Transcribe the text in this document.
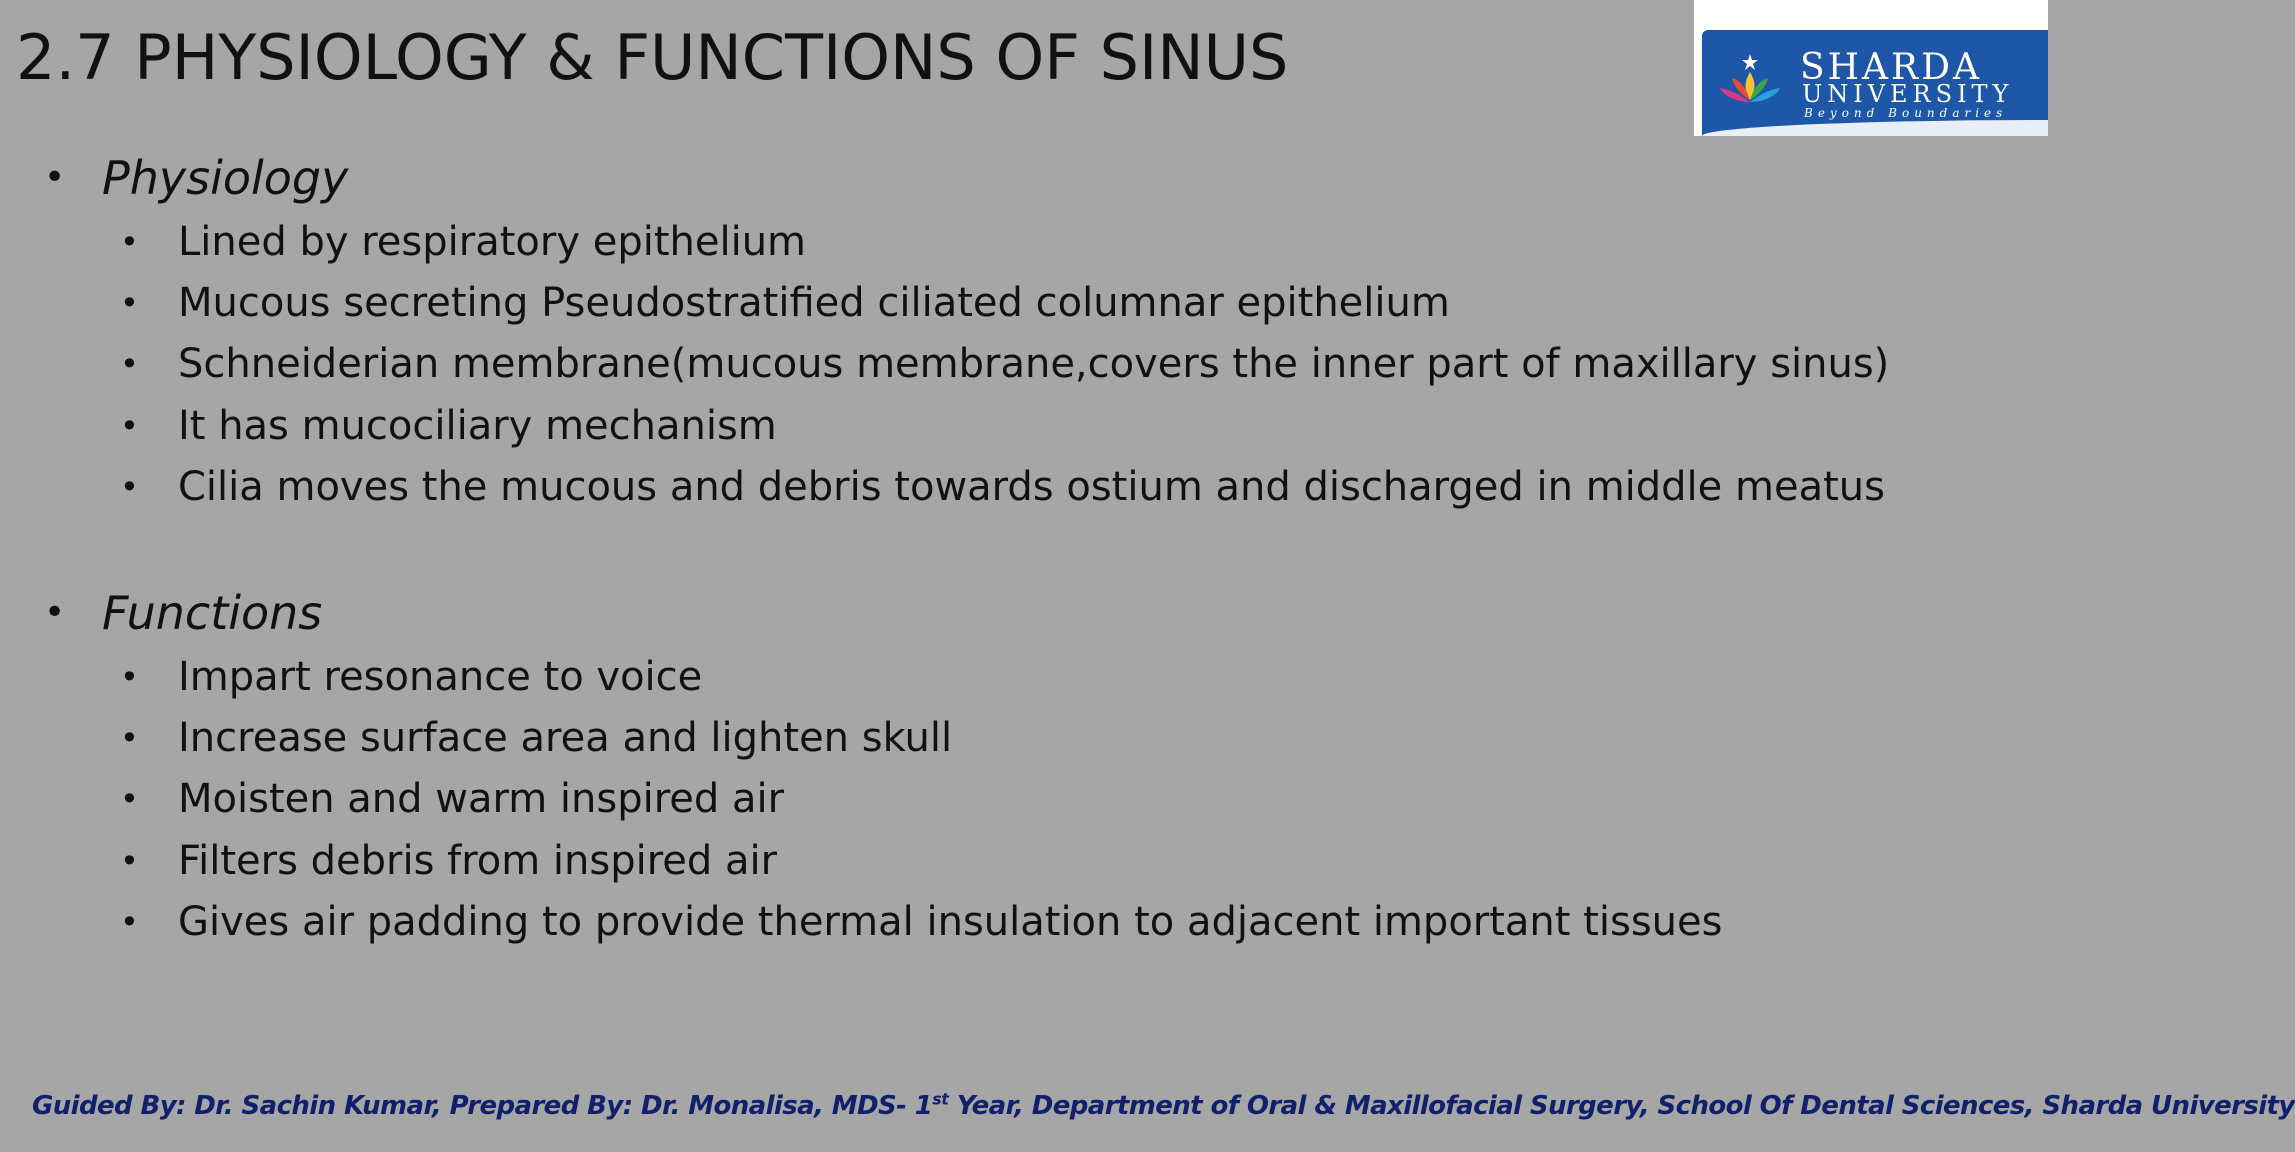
2.7 PHYSIOLOGY & FUNCTIONS OF SINUS	SHARDA
UNIVERSITY
Beyond Boundaries
• Physiology
• Lined by respiratory epithelium
• Mucous secreting Pseudostratified ciliated columnar epithelium
• Schneiderian membrane(mucous membrane,covers the inner part of maxillary sinus)
• It has mucociliary mechanism
• Cilia moves the mucous and debris towards ostium and discharged in middle meatus
• Functions
• Impart resonance to voice
• Increase surface area and lighten skull
• Moisten and warm inspired air
• Filters debris from inspired air
• Gives air padding to provide thermal insulation to adjacent important tissues
Guided By: Dr. Sachin Kumar, Prepared By: Dr. Monalisa, MDS- 1st Year, Department of Oral & Maxillofacial Surgery, School Of Dental Sciences, Sharda University
